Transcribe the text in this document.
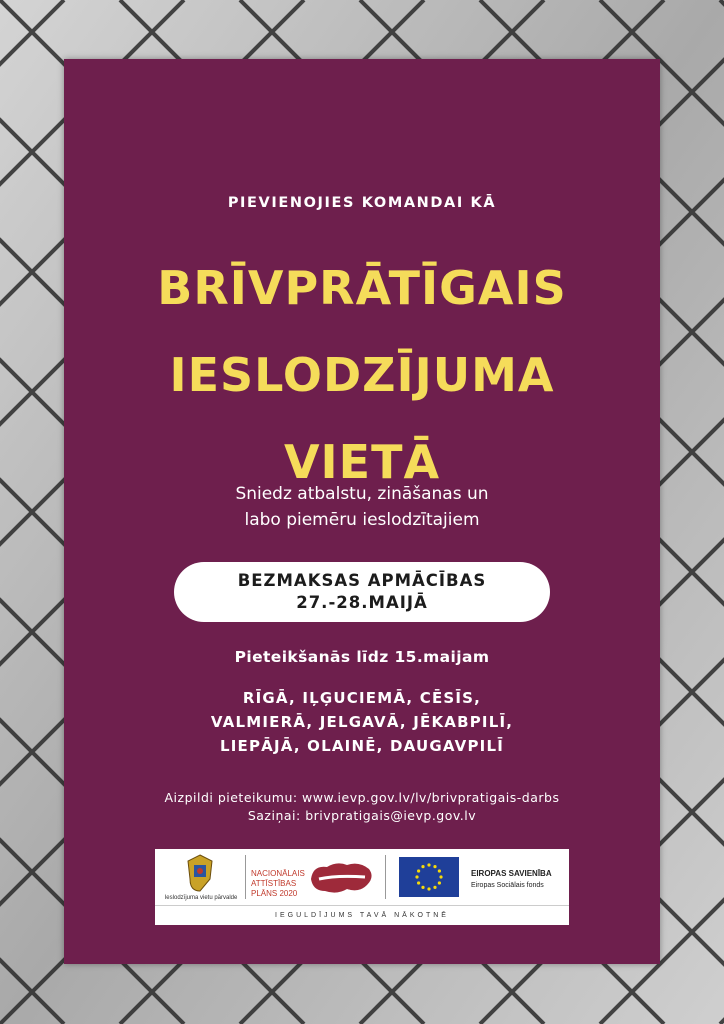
PIEVIENOJIES KOMANDAI KĀ
BRĪVPRĀTĪGAIS
IESLODZĪJUMA
VIETĀ
Sniedz atbalstu, zināšanas un
labo piemēru ieslodzītajiem
BEZMAKSAS APMĀCĪBAS
27.-28.MAIJĀ
Pieteikšanās līdz 15.maijam
RĪGĀ, IĻĢUCIEMĀ, CĒSĪS,
VALMIERĀ, JELGAVĀ, JĒKABPILĪ,
LIEPĀJĀ, OLAINĒ, DAUGAVPILĪ
Aizpildi pieteikumu: www.ievp.gov.lv/lv/brivpratigais-darbs
Saziņai: brivpratigais@ievp.gov.lv
Ieslodzījuma vietu pārvalde
NACIONĀLAIS
ATTĪSTĪBAS
PLĀNS 2020
EIROPAS SAVIENĪBA
Eiropas Sociālais fonds
IEGULDĪJUMS TAVĀ NĀKOTNĒ
